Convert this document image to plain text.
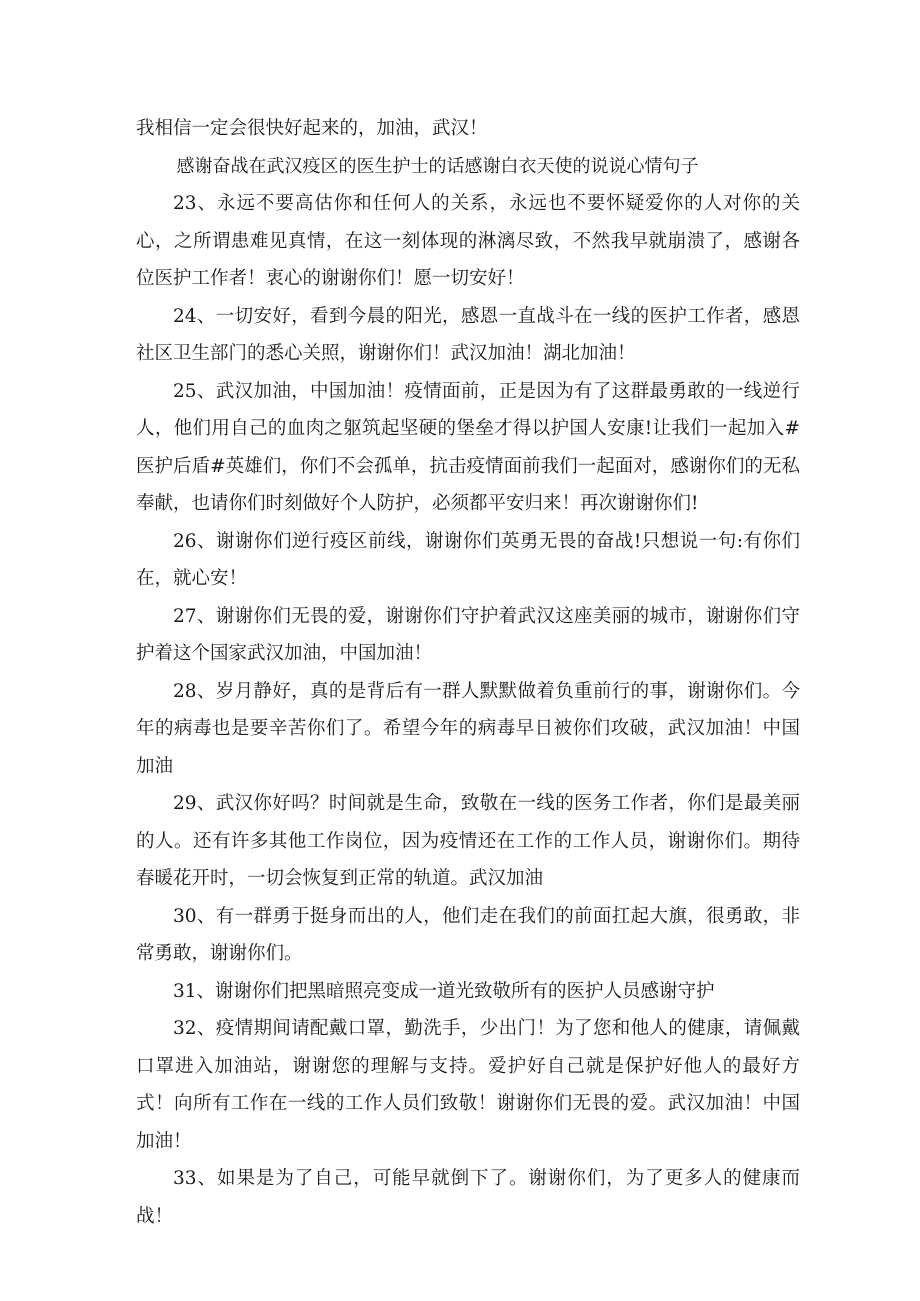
我相信一定会很快好起来的，加油，武汉！

感谢奋战在武汉疫区的医生护士的话感谢白衣天使的说说心情句子

23、永远不要高估你和任何人的关系，永远也不要怀疑爱你的人对你的关心，之所谓患难见真情，在这一刻体现的淋漓尽致，不然我早就崩溃了，感谢各位医护工作者！衷心的谢谢你们！愿一切安好！

24、一切安好，看到今晨的阳光，感恩一直战斗在一线的医护工作者，感恩社区卫生部门的悉心关照，谢谢你们！武汉加油！湖北加油！

25、武汉加油，中国加油！疫情面前，正是因为有了这群最勇敢的一线逆行人，他们用自己的血肉之躯筑起坚硬的堡垒才得以护国人安康!让我们一起加入#医护后盾#英雄们，你们不会孤单，抗击疫情面前我们一起面对，感谢你们的无私奉献，也请你们时刻做好个人防护，必须都平安归来！再次谢谢你们!

26、谢谢你们逆行疫区前线，谢谢你们英勇无畏的奋战!只想说一句:有你们在，就心安！

27、谢谢你们无畏的爱，谢谢你们守护着武汉这座美丽的城市，谢谢你们守护着这个国家武汉加油，中国加油！

28、岁月静好，真的是背后有一群人默默做着负重前行的事，谢谢你们。今年的病毒也是要辛苦你们了。希望今年的病毒早日被你们攻破，武汉加油！中国加油

29、武汉你好吗？时间就是生命，致敬在一线的医务工作者，你们是最美丽的人。还有许多其他工作岗位，因为疫情还在工作的工作人员，谢谢你们。期待春暖花开时，一切会恢复到正常的轨道。武汉加油

30、有一群勇于挺身而出的人，他们走在我们的前面扛起大旗，很勇敢，非常勇敢，谢谢你们。

31、谢谢你们把黑暗照亮变成一道光致敬所有的医护人员感谢守护

32、疫情期间请配戴口罩，勤洗手，少出门！为了您和他人的健康，请佩戴口罩进入加油站，谢谢您的理解与支持。爱护好自己就是保护好他人的最好方式！向所有工作在一线的工作人员们致敬！谢谢你们无畏的爱。武汉加油！中国加油！

33、如果是为了自己，可能早就倒下了。谢谢你们，为了更多人的健康而战！
